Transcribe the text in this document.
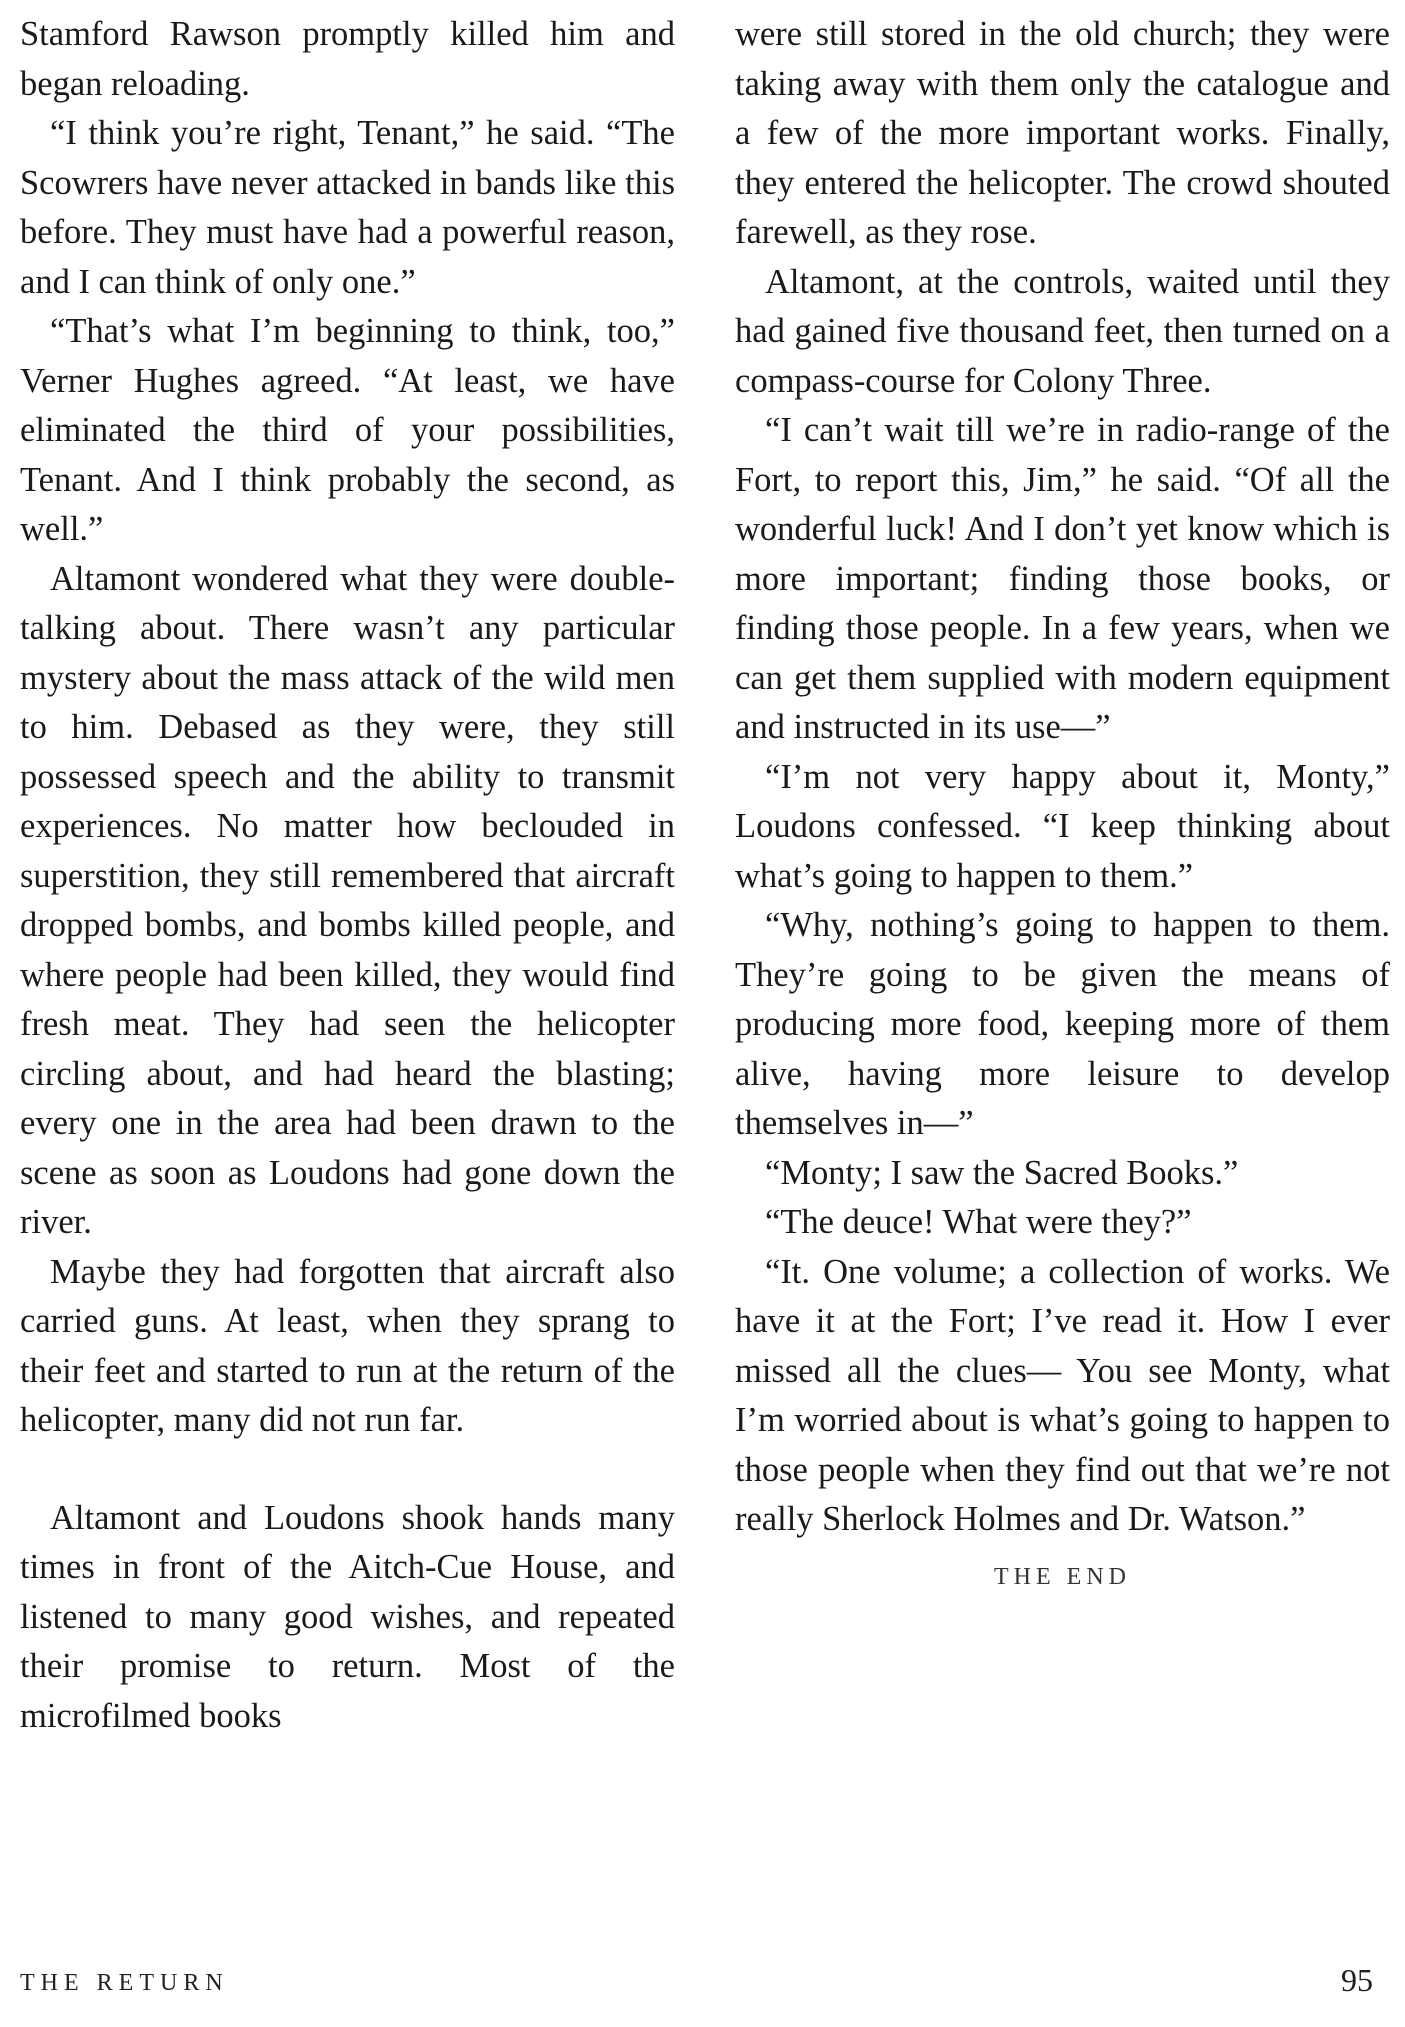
Stamford Rawson promptly killed him and began reloading.

“I think you’re right, Tenant,” he said. “The Scowrers have never attacked in bands like this before. They must have had a powerful reason, and I can think of only one.”

“That’s what I’m beginning to think, too,” Verner Hughes agreed. “At least, we have eliminated the third of your possibilities, Tenant. And I think probably the second, as well.”

Altamont wondered what they were double-talking about. There wasn’t any particular mystery about the mass attack of the wild men to him. Debased as they were, they still possessed speech and the ability to transmit experiences. No matter how beclouded in superstition, they still remembered that aircraft dropped bombs, and bombs killed people, and where people had been killed, they would find fresh meat. They had seen the helicopter circling about, and had heard the blasting; every one in the area had been drawn to the scene as soon as Loudons had gone down the river.

Maybe they had forgotten that aircraft also carried guns. At least, when they sprang to their feet and started to run at the return of the helicopter, many did not run far.

Altamont and Loudons shook hands many times in front of the Aitch-Cue House, and listened to many good wishes, and repeated their promise to return. Most of the microfilmed books

were still stored in the old church; they were taking away with them only the catalogue and a few of the more important works. Finally, they entered the helicopter. The crowd shouted farewell, as they rose.

Altamont, at the controls, waited until they had gained five thousand feet, then turned on a compass-course for Colony Three.

“I can’t wait till we’re in radio-range of the Fort, to report this, Jim,” he said. “Of all the wonderful luck! And I don’t yet know which is more important; finding those books, or finding those people. In a few years, when we can get them supplied with modern equipment and instructed in its use—”

“I’m not very happy about it, Monty,” Loudons confessed. “I keep thinking about what’s going to happen to them.”

“Why, nothing’s going to happen to them. They’re going to be given the means of producing more food, keeping more of them alive, having more leisure to develop themselves in—”

“Monty; I saw the Sacred Books.”

“The deuce! What were they?”

“It. One volume; a collection of works. We have it at the Fort; I’ve read it. How I ever missed all the clues— You see Monty, what I’m worried about is what’s going to happen to those people when they find out that we’re not really Sherlock Holmes and Dr. Watson.”

THE END
THE RETURN	95
